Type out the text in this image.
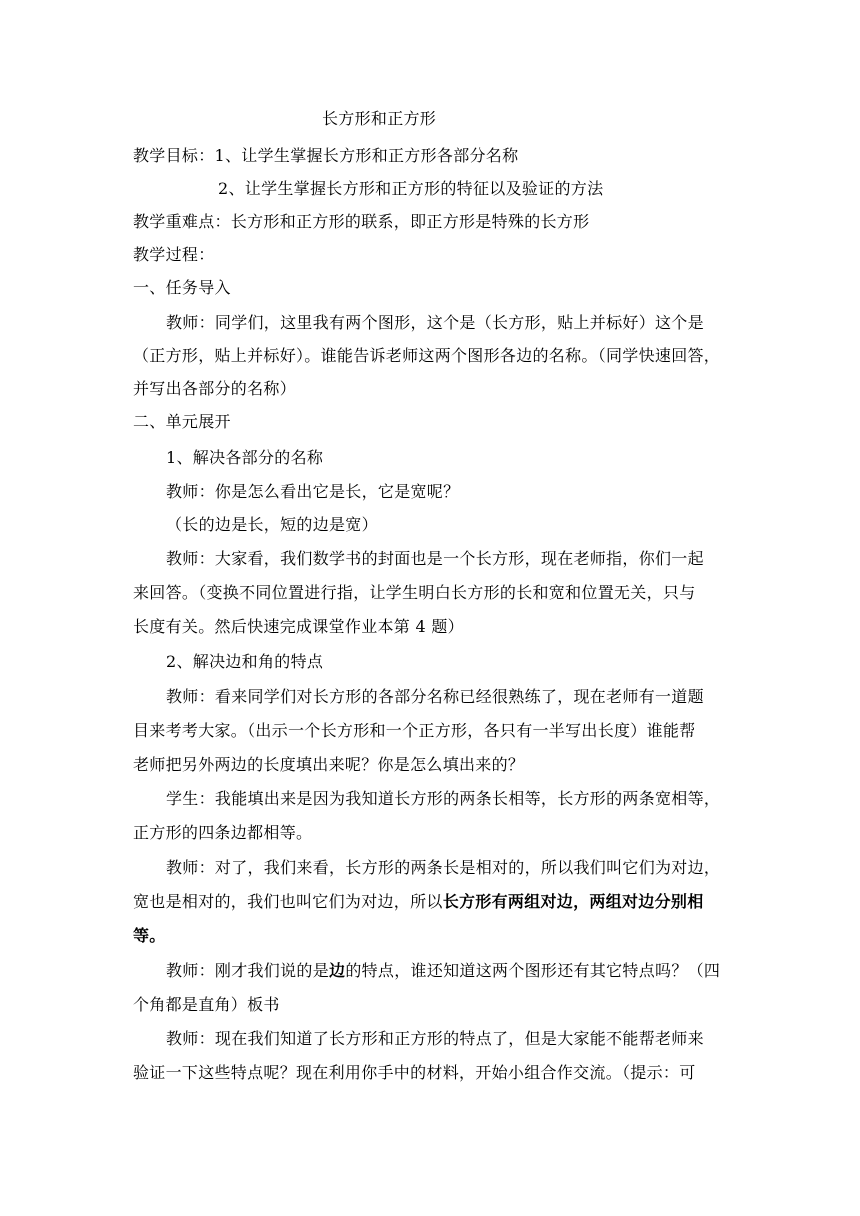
长方形和正方形

教学目标：1、让学生掌握长方形和正方形各部分名称

2、让学生掌握长方形和正方形的特征以及验证的方法

教学重难点：长方形和正方形的联系，即正方形是特殊的长方形

教学过程：

一、任务导入

教师：同学们，这里我有两个图形，这个是（长方形，贴上并标好）这个是

（正方形，贴上并标好）。谁能告诉老师这两个图形各边的名称。（同学快速回答，

并写出各部分的名称）

二、单元展开

1、解决各部分的名称

教师：你是怎么看出它是长，它是宽呢？

（长的边是长，短的边是宽）

教师：大家看，我们数学书的封面也是一个长方形，现在老师指，你们一起

来回答。（变换不同位置进行指，让学生明白长方形的长和宽和位置无关，只与

长度有关。然后快速完成课堂作业本第 4 题）

2、解决边和角的特点

教师：看来同学们对长方形的各部分名称已经很熟练了，现在老师有一道题

目来考考大家。（出示一个长方形和一个正方形，各只有一半写出长度）谁能帮

老师把另外两边的长度填出来呢？你是怎么填出来的？

学生：我能填出来是因为我知道长方形的两条长相等，长方形的两条宽相等，

正方形的四条边都相等。

教师：对了，我们来看，长方形的两条长是相对的，所以我们叫它们为对边，

宽也是相对的，我们也叫它们为对边，所以长方形有两组对边，两组对边分别相

等。

教师：刚才我们说的是边的特点，谁还知道这两个图形还有其它特点吗？（四

个角都是直角）板书

教师：现在我们知道了长方形和正方形的特点了，但是大家能不能帮老师来

验证一下这些特点呢？现在利用你手中的材料，开始小组合作交流。（提示：可
